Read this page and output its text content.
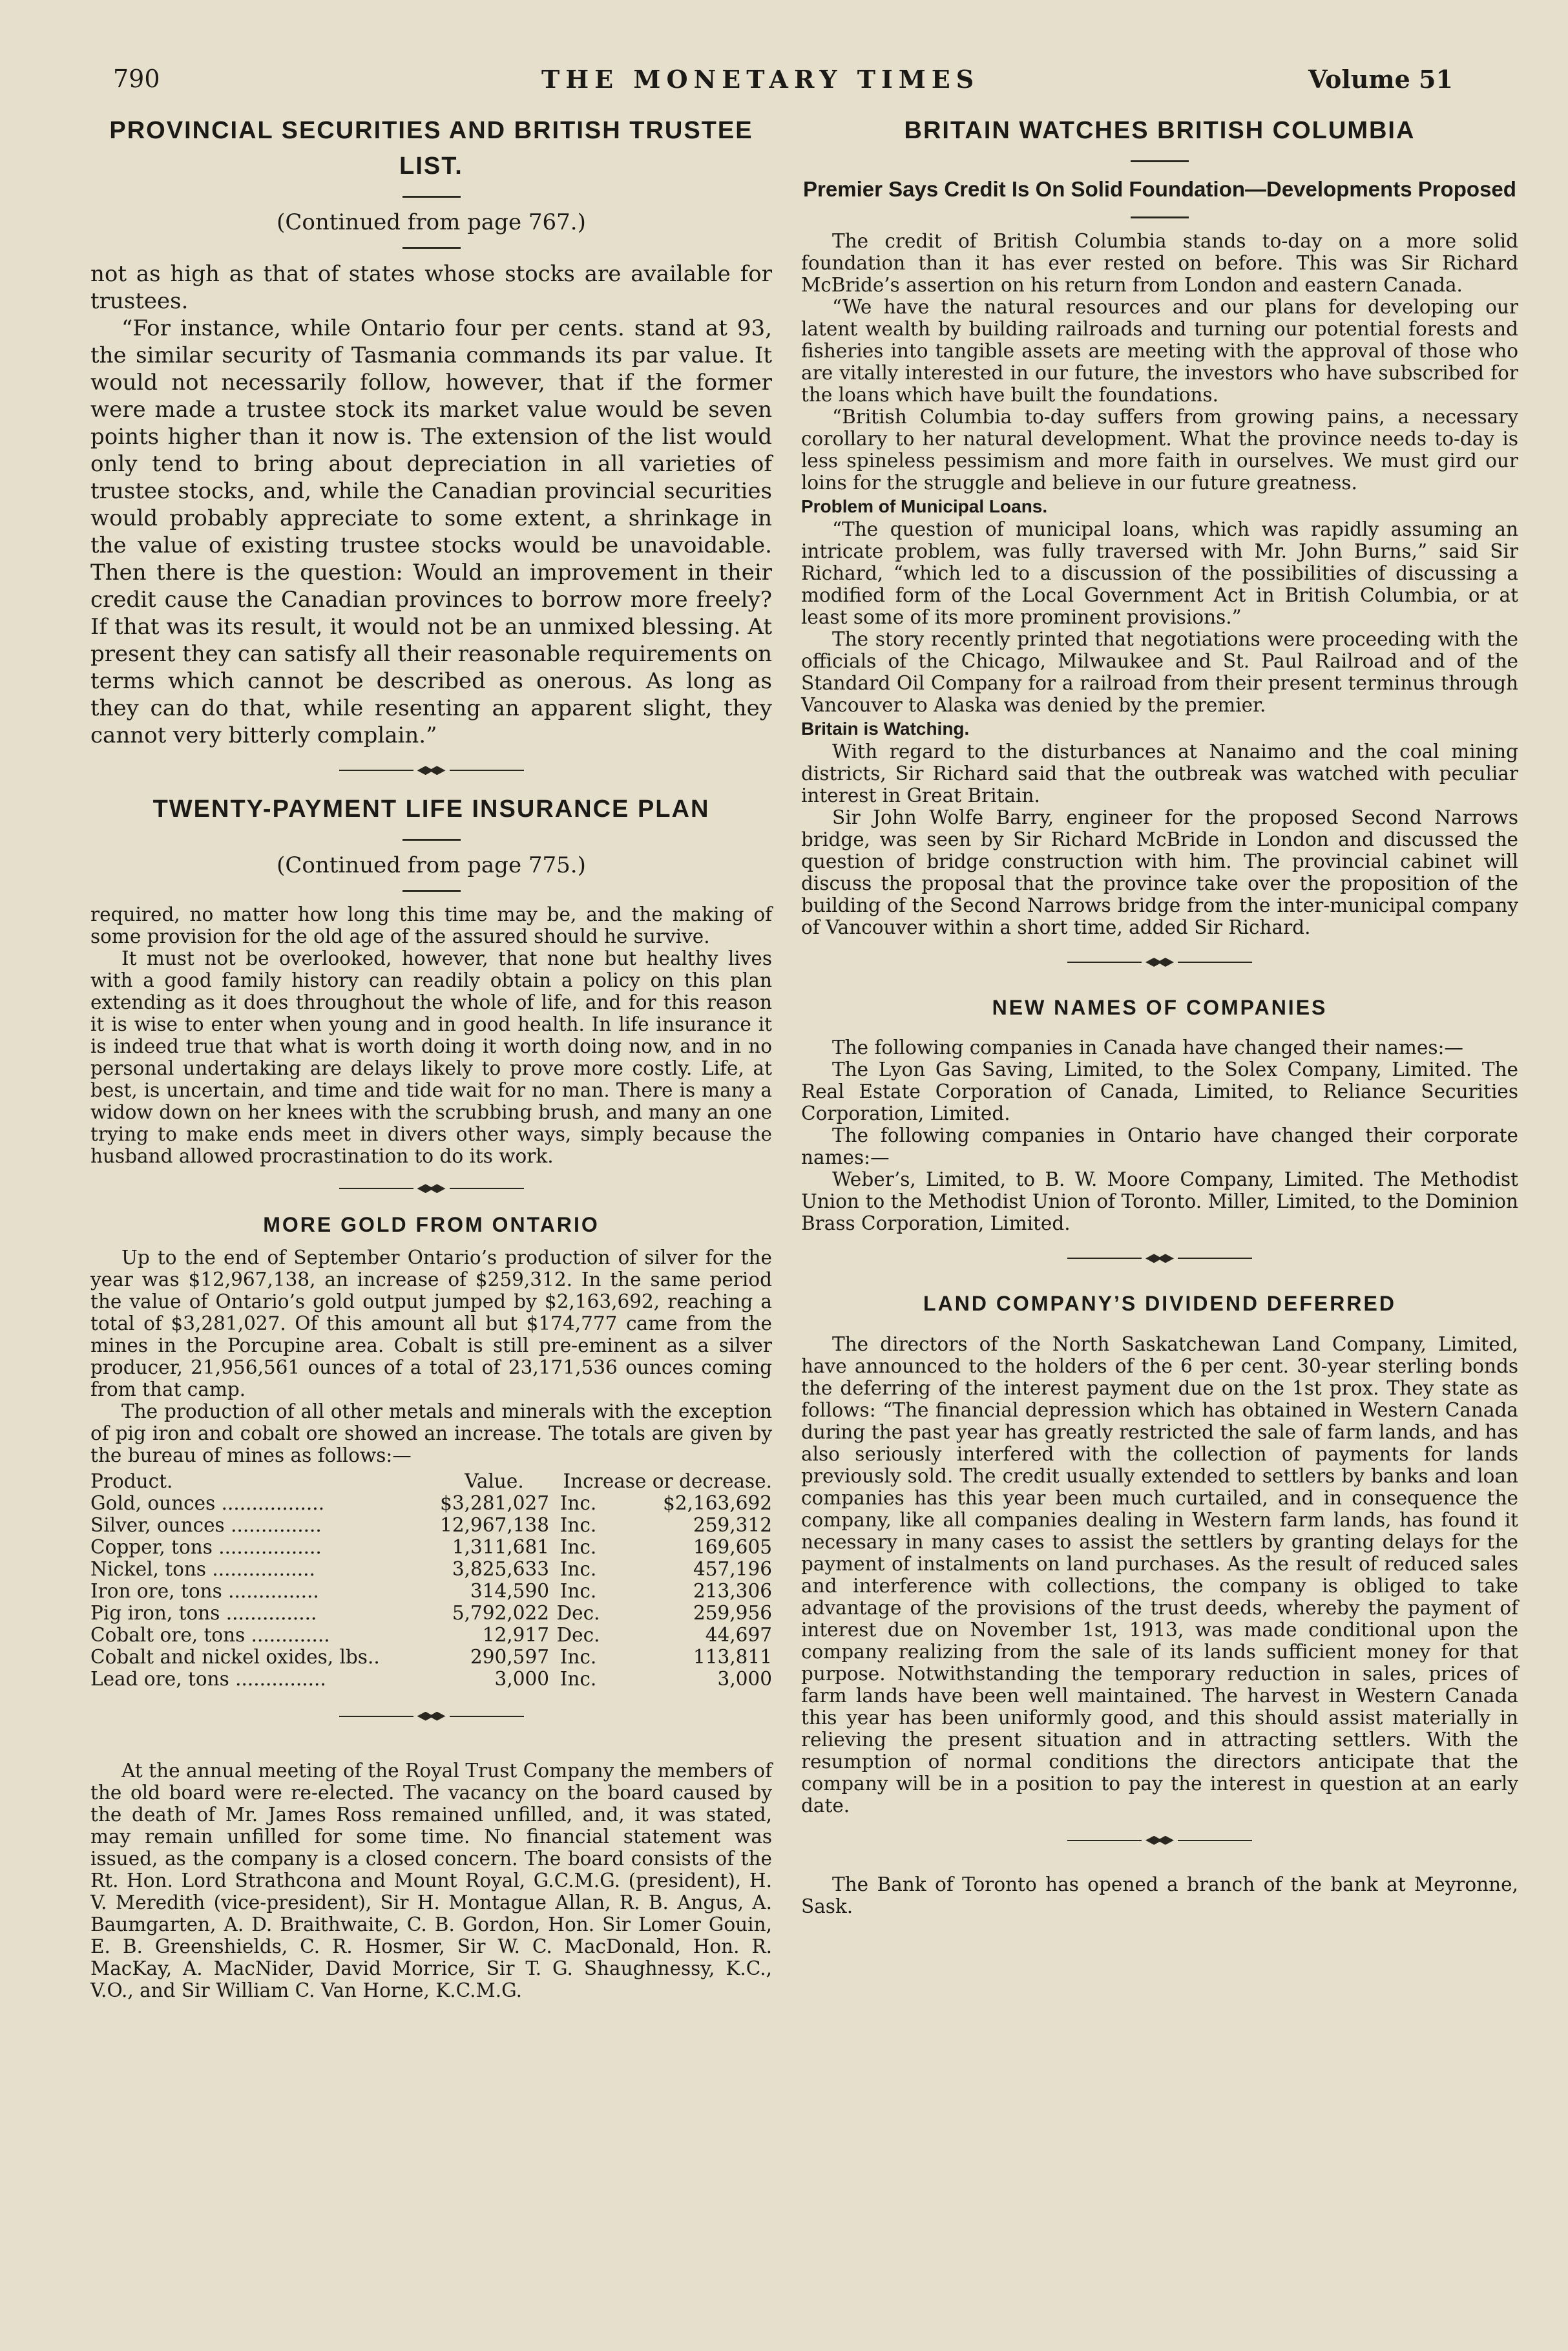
790	THE MONETARY TIMES	Volume 51
PROVINCIAL SECURITIES AND BRITISH TRUSTEE LIST.
(Continued from page 767.)

not as high as that of states whose stocks are available for trustees.

“For instance, while Ontario four per cents. stand at 93, the similar security of Tasmania commands its par value. It would not necessarily follow, however, that if the former were made a trustee stock its market value would be seven points higher than it now is. The extension of the list would only tend to bring about depreciation in all varieties of trustee stocks, and, while the Canadian provincial securities would probably appreciate to some extent, a shrinkage in the value of existing trustee stocks would be unavoidable. Then there is the question: Would an improvement in their credit cause the Canadian provinces to borrow more freely? If that was its result, it would not be an unmixed blessing. At present they can satisfy all their reasonable requirements on terms which cannot be described as onerous. As long as they can do that, while resenting an apparent slight, they cannot very bitterly complain.”

TWENTY-PAYMENT LIFE INSURANCE PLAN
(Continued from page 775.)

required, no matter how long this time may be, and the making of some provision for the old age of the assured should he survive.

It must not be overlooked, however, that none but healthy lives with a good family history can readily obtain a policy on this plan extending as it does throughout the whole of life, and for this reason it is wise to enter when young and in good health. In life insurance it is indeed true that what is worth doing it worth doing now, and in no personal undertaking are delays likely to prove more costly. Life, at best, is uncertain, and time and tide wait for no man. There is many a widow down on her knees with the scrubbing brush, and many an one trying to make ends meet in divers other ways, simply because the husband allowed procrastination to do its work.

MORE GOLD FROM ONTARIO

Up to the end of September Ontario’s production of silver for the year was $12,967,138, an increase of $259,312. In the same period the value of Ontario’s gold output jumped by $2,163,692, reaching a total of $3,281,027. Of this amount all but $174,777 came from the mines in the Porcupine area. Cobalt is still pre-eminent as a silver producer, 21,956,561 ounces of a total of 23,171,536 ounces coming from that camp.

The production of all other metals and minerals with the exception of pig iron and cobalt ore showed an increase. The totals are given by the bureau of mines as follows:—

Product.	Value.	Increase or decrease.	
Gold, ounces .................	$3,281,027	Inc.	$2,163,692
Silver, ounces ...............	12,967,138	Inc.	259,312
Copper, tons .................	1,311,681	Inc.	169,605
Nickel, tons .................	3,825,633	Inc.	457,196
Iron ore, tons ...............	314,590	Inc.	213,306
Pig iron, tons ...............	5,792,022	Dec.	259,956
Cobalt ore, tons .............	12,917	Dec.	44,697
Cobalt and nickel oxides, lbs..	290,597	Inc.	113,811
Lead ore, tons ...............	3,000	Inc.	3,000

At the annual meeting of the Royal Trust Company the members of the old board were re-elected. The vacancy on the board caused by the death of Mr. James Ross remained unfilled, and, it was stated, may remain unfilled for some time. No financial statement was issued, as the company is a closed concern. The board consists of the Rt. Hon. Lord Strathcona and Mount Royal, G.C.M.G. (president), H. V. Meredith (vice-president), Sir H. Montague Allan, R. B. Angus, A. Baumgarten, A. D. Braithwaite, C. B. Gordon, Hon. Sir Lomer Gouin, E. B. Greenshields, C. R. Hosmer, Sir W. C. MacDonald, Hon. R. MacKay, A. MacNider, David Morrice, Sir T. G. Shaughnessy, K.C., V.O., and Sir William C. Van Horne, K.C.M.G.

BRITAIN WATCHES BRITISH COLUMBIA
Premier Says Credit Is On Solid Foundation—Developments Proposed

The credit of British Columbia stands to-day on a more solid foundation than it has ever rested on before. This was Sir Richard McBride’s assertion on his return from London and eastern Canada.

“We have the natural resources and our plans for developing our latent wealth by building railroads and turning our potential forests and fisheries into tangible assets are meeting with the approval of those who are vitally interested in our future, the investors who have subscribed for the loans which have built the foundations.

“British Columbia to-day suffers from growing pains, a necessary corollary to her natural development. What the province needs to-day is less spineless pessimism and more faith in ourselves. We must gird our loins for the struggle and believe in our future greatness.

Problem of Municipal Loans.

“The question of municipal loans, which was rapidly assuming an intricate problem, was fully traversed with Mr. John Burns,” said Sir Richard, “which led to a discussion of the possibilities of discussing a modified form of the Local Government Act in British Columbia, or at least some of its more prominent provisions.”

The story recently printed that negotiations were proceeding with the officials of the Chicago, Milwaukee and St. Paul Railroad and of the Standard Oil Company for a railroad from their present terminus through Vancouver to Alaska was denied by the premier.

Britain is Watching.

With regard to the disturbances at Nanaimo and the coal mining districts, Sir Richard said that the outbreak was watched with peculiar interest in Great Britain.

Sir John Wolfe Barry, engineer for the proposed Second Narrows bridge, was seen by Sir Richard McBride in London and discussed the question of bridge construction with him. The provincial cabinet will discuss the proposal that the province take over the proposition of the building of the Second Narrows bridge from the inter-municipal company of Vancouver within a short time, added Sir Richard.

NEW NAMES OF COMPANIES

The following companies in Canada have changed their names:—

The Lyon Gas Saving, Limited, to the Solex Company, Limited. The Real Estate Corporation of Canada, Limited, to Reliance Securities Corporation, Limited.

The following companies in Ontario have changed their corporate names:—

Weber’s, Limited, to B. W. Moore Company, Limited. The Methodist Union to the Methodist Union of Toronto. Miller, Limited, to the Dominion Brass Corporation, Limited.

LAND COMPANY’S DIVIDEND DEFERRED

The directors of the North Saskatchewan Land Company, Limited, have announced to the holders of the 6 per cent. 30-year sterling bonds the deferring of the interest payment due on the 1st prox. They state as follows: “The financial depression which has obtained in Western Canada during the past year has greatly restricted the sale of farm lands, and has also seriously interfered with the collection of payments for lands previously sold. The credit usually extended to settlers by banks and loan companies has this year been much curtailed, and in consequence the company, like all companies dealing in Western farm lands, has found it necessary in many cases to assist the settlers by granting delays for the payment of instalments on land purchases. As the result of reduced sales and interference with collections, the company is obliged to take advantage of the provisions of the trust deeds, whereby the payment of interest due on November 1st, 1913, was made conditional upon the company realizing from the sale of its lands sufficient money for that purpose. Notwithstanding the temporary reduction in sales, prices of farm lands have been well maintained. The harvest in Western Canada this year has been uniformly good, and this should assist materially in relieving the present situation and in attracting settlers. With the resumption of normal conditions the directors anticipate that the company will be in a position to pay the interest in question at an early date.

The Bank of Toronto has opened a branch of the bank at Meyronne, Sask.
